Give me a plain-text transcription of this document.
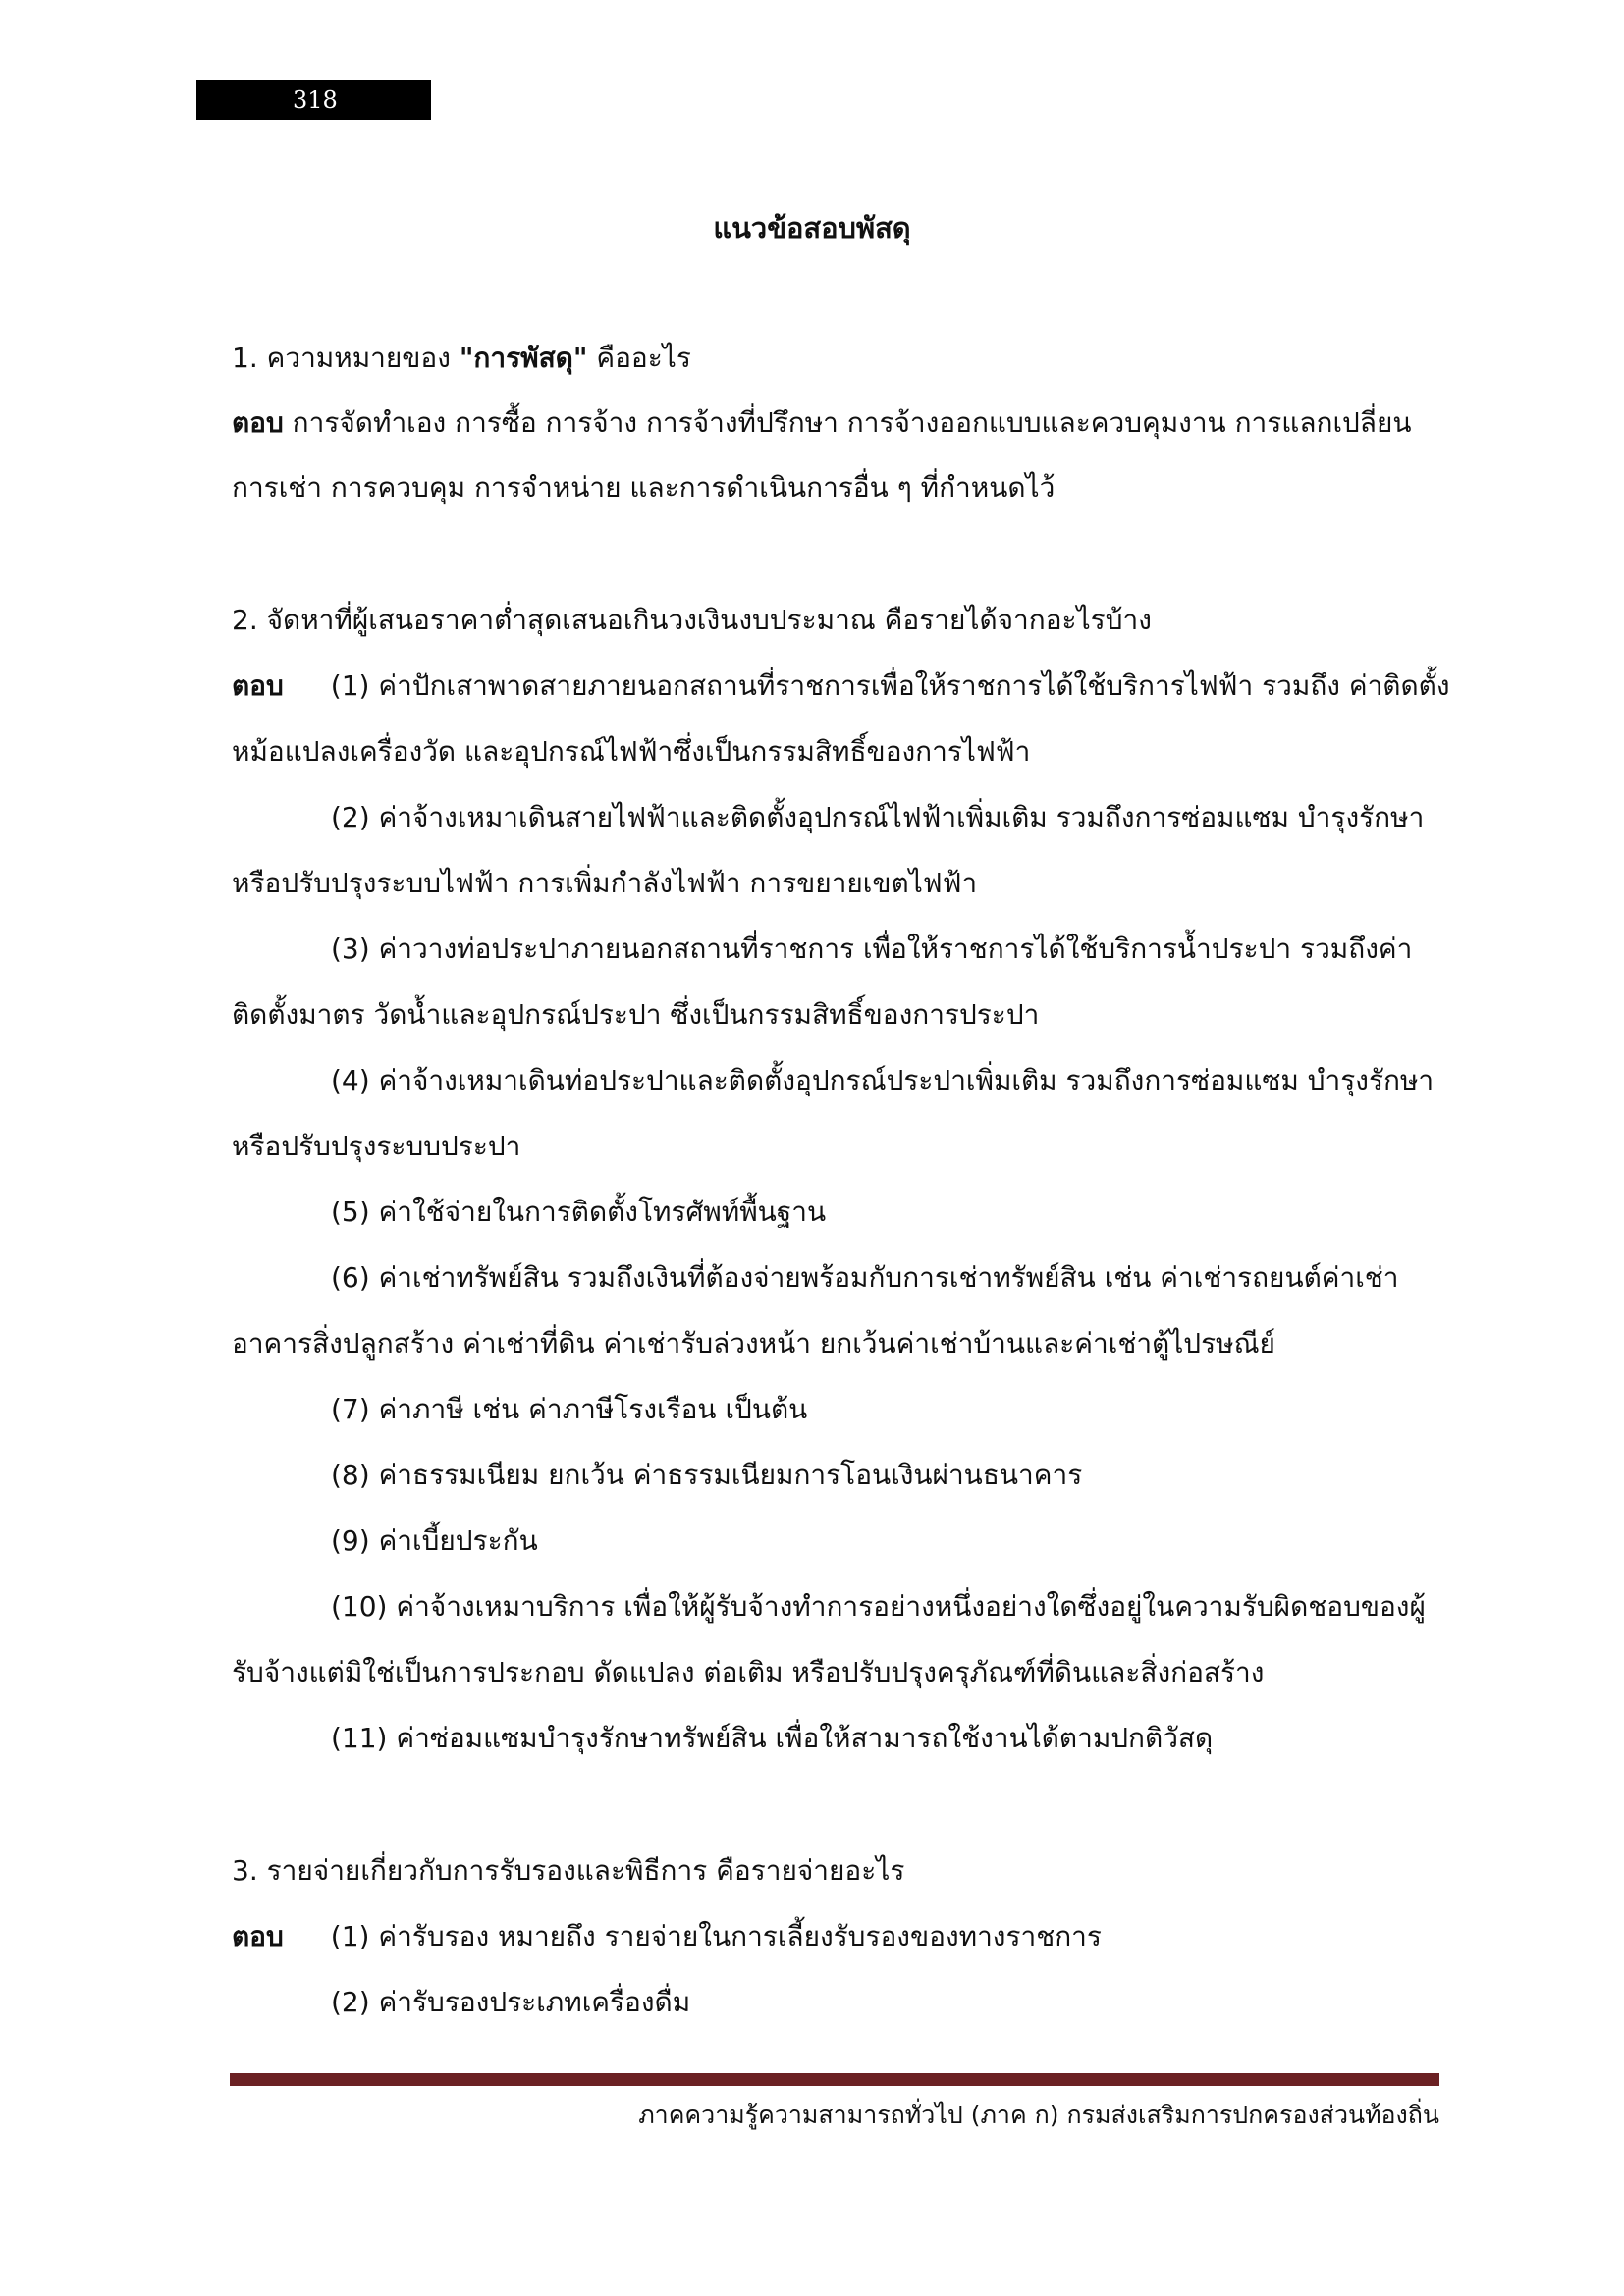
318
แนวข้อสอบพัสดุ
1. ความหมายของ "การพัสดุ" คืออะไร
ตอบ การจัดทำเอง การซื้อ การจ้าง การจ้างที่ปรึกษา การจ้างออกแบบและควบคุมงาน การแลกเปลี่ยน
การเช่า การควบคุม การจำหน่าย และการดำเนินการอื่น ๆ ที่กำหนดไว้
2. จัดหาที่ผู้เสนอราคาต่ำสุดเสนอเกินวงเงินงบประมาณ คือรายได้จากอะไรบ้าง
ตอบ (1) ค่าปักเสาพาดสายภายนอกสถานที่ราชการเพื่อให้ราชการได้ใช้บริการไฟฟ้า รวมถึง ค่าติดตั้ง
หม้อแปลงเครื่องวัด และอุปกรณ์ไฟฟ้าซึ่งเป็นกรรมสิทธิ์ของการไฟฟ้า
(2) ค่าจ้างเหมาเดินสายไฟฟ้าและติดตั้งอุปกรณ์ไฟฟ้าเพิ่มเติม รวมถึงการซ่อมแซม บำรุงรักษา
หรือปรับปรุงระบบไฟฟ้า การเพิ่มกำลังไฟฟ้า การขยายเขตไฟฟ้า
(3) ค่าวางท่อประปาภายนอกสถานที่ราชการ เพื่อให้ราชการได้ใช้บริการน้ำประปา รวมถึงค่า
ติดตั้งมาตร วัดน้ำและอุปกรณ์ประปา ซึ่งเป็นกรรมสิทธิ์ของการประปา
(4) ค่าจ้างเหมาเดินท่อประปาและติดตั้งอุปกรณ์ประปาเพิ่มเติม รวมถึงการซ่อมแซม บำรุงรักษา
หรือปรับปรุงระบบประปา
(5) ค่าใช้จ่ายในการติดตั้งโทรศัพท์พื้นฐาน
(6) ค่าเช่าทรัพย์สิน รวมถึงเงินที่ต้องจ่ายพร้อมกับการเช่าทรัพย์สิน เช่น ค่าเช่ารถยนต์ค่าเช่า
อาคารสิ่งปลูกสร้าง ค่าเช่าที่ดิน ค่าเช่ารับล่วงหน้า ยกเว้นค่าเช่าบ้านและค่าเช่าตู้ไปรษณีย์
(7) ค่าภาษี เช่น ค่าภาษีโรงเรือน เป็นต้น
(8) ค่าธรรมเนียม ยกเว้น ค่าธรรมเนียมการโอนเงินผ่านธนาคาร
(9) ค่าเบี้ยประกัน
(10) ค่าจ้างเหมาบริการ เพื่อให้ผู้รับจ้างทำการอย่างหนึ่งอย่างใดซึ่งอยู่ในความรับผิดชอบของผู้
รับจ้างแต่มิใช่เป็นการประกอบ ดัดแปลง ต่อเติม หรือปรับปรุงครุภัณฑ์ที่ดินและสิ่งก่อสร้าง
(11) ค่าซ่อมแซมบำรุงรักษาทรัพย์สิน เพื่อให้สามารถใช้งานได้ตามปกติวัสดุ
3. รายจ่ายเกี่ยวกับการรับรองและพิธีการ คือรายจ่ายอะไร
ตอบ (1) ค่ารับรอง หมายถึง รายจ่ายในการเลี้ยงรับรองของทางราชการ
(2) ค่ารับรองประเภทเครื่องดื่ม
ภาคความรู้ความสามารถทั่วไป (ภาค ก) กรมส่งเสริมการปกครองส่วนท้องถิ่น
